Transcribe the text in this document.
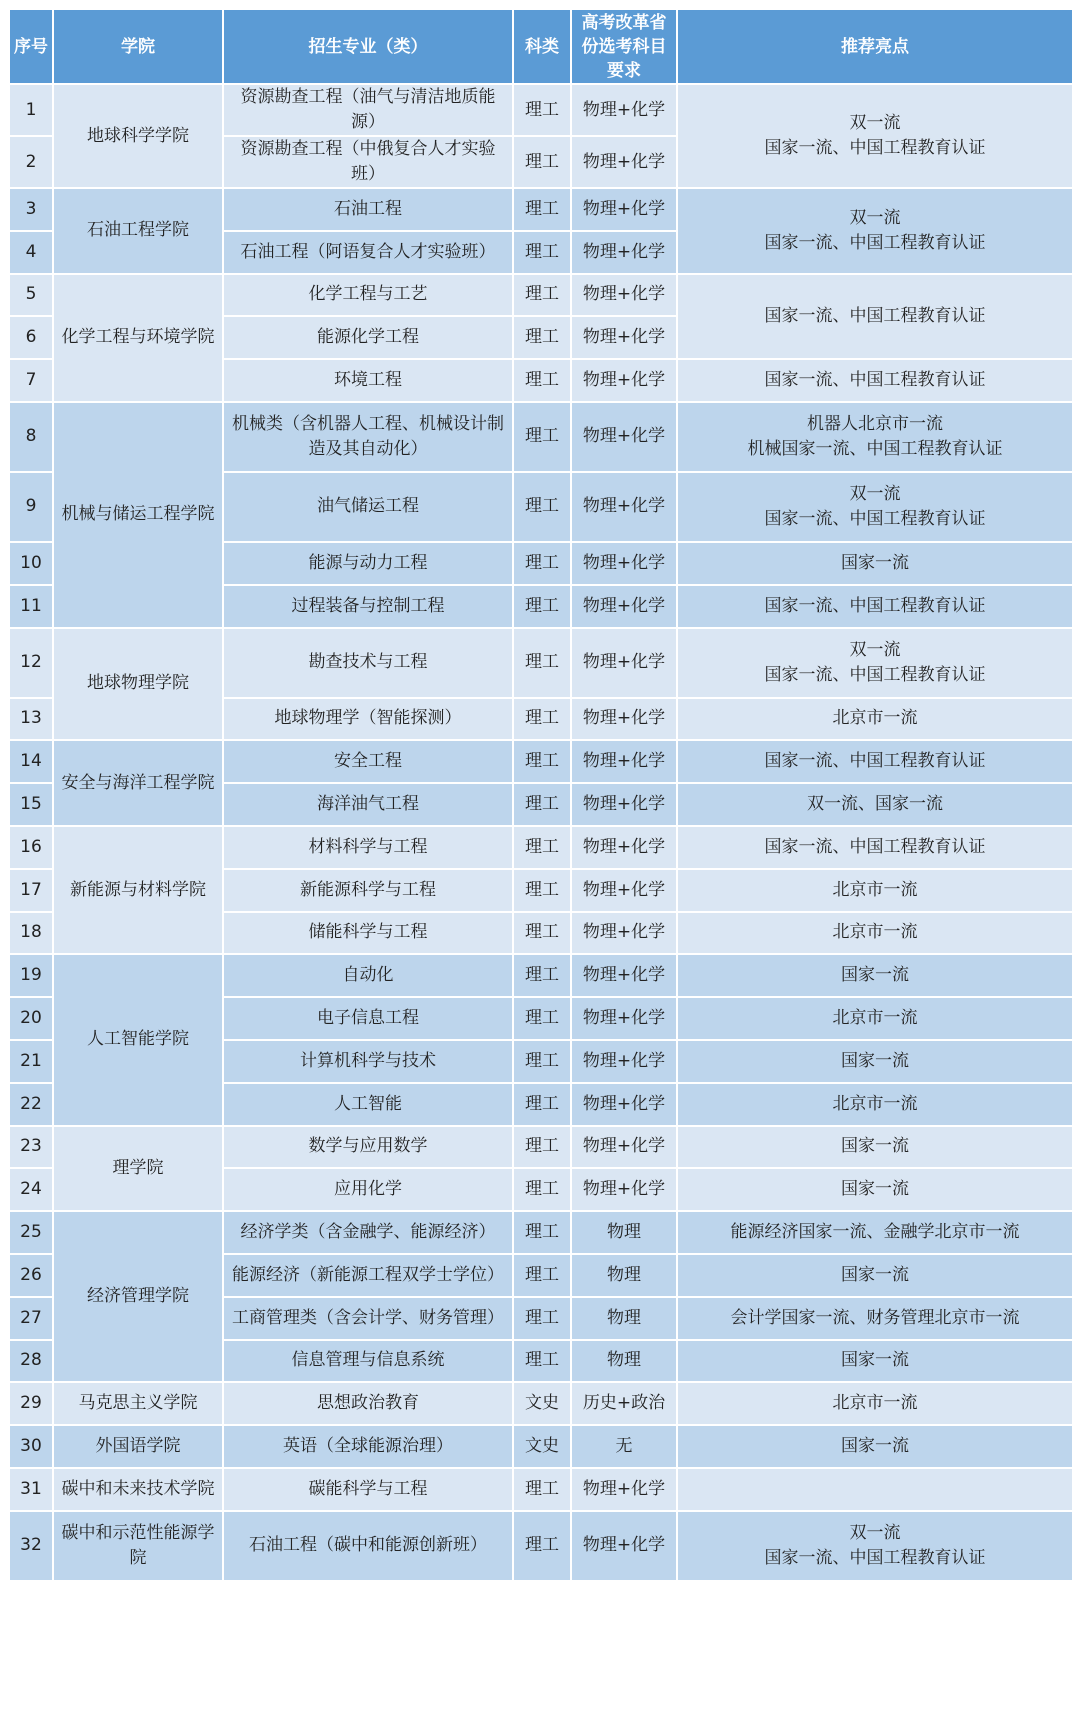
序号	学院	招生专业（类）	科类	高考改革省份选考科目要求	推荐亮点
1	地球科学学院	资源勘查工程（油气与清洁地质能源）	理工	物理+化学	双一流
国家一流、中国工程教育认证
2		资源勘查工程（中俄复合人才实验班）	理工	物理+化学	
3	石油工程学院	石油工程	理工	物理+化学	双一流
国家一流、中国工程教育认证
4		石油工程（阿语复合人才实验班）	理工	物理+化学	
5	化学工程与环境学院	化学工程与工艺	理工	物理+化学	国家一流、中国工程教育认证
6		能源化学工程	理工	物理+化学	
7		环境工程	理工	物理+化学	国家一流、中国工程教育认证
8	机械与储运工程学院	机械类（含机器人工程、机械设计制造及其自动化）	理工	物理+化学	机器人北京市一流
机械国家一流、中国工程教育认证
9		油气储运工程	理工	物理+化学	双一流
国家一流、中国工程教育认证
10		能源与动力工程	理工	物理+化学	国家一流
11		过程装备与控制工程	理工	物理+化学	国家一流、中国工程教育认证
12	地球物理学院	勘查技术与工程	理工	物理+化学	双一流
国家一流、中国工程教育认证
13		地球物理学（智能探测）	理工	物理+化学	北京市一流
14	安全与海洋工程学院	安全工程	理工	物理+化学	国家一流、中国工程教育认证
15		海洋油气工程	理工	物理+化学	双一流、国家一流
16	新能源与材料学院	材料科学与工程	理工	物理+化学	国家一流、中国工程教育认证
17		新能源科学与工程	理工	物理+化学	北京市一流
18		储能科学与工程	理工	物理+化学	北京市一流
19	人工智能学院	自动化	理工	物理+化学	国家一流
20		电子信息工程	理工	物理+化学	北京市一流
21		计算机科学与技术	理工	物理+化学	国家一流
22		人工智能	理工	物理+化学	北京市一流
23	理学院	数学与应用数学	理工	物理+化学	国家一流
24		应用化学	理工	物理+化学	国家一流
25	经济管理学院	经济学类（含金融学、能源经济）	理工	物理	能源经济国家一流、金融学北京市一流
26		能源经济（新能源工程双学士学位）	理工	物理	国家一流
27		工商管理类（含会计学、财务管理）	理工	物理	会计学国家一流、财务管理北京市一流
28		信息管理与信息系统	理工	物理	国家一流
29	马克思主义学院	思想政治教育	文史	历史+政治	北京市一流
30	外国语学院	英语（全球能源治理）	文史	无	国家一流
31	碳中和未来技术学院	碳能科学与工程	理工	物理+化学	
32	碳中和示范性能源学院	石油工程（碳中和能源创新班）	理工	物理+化学	双一流
国家一流、中国工程教育认证
高考直通车
